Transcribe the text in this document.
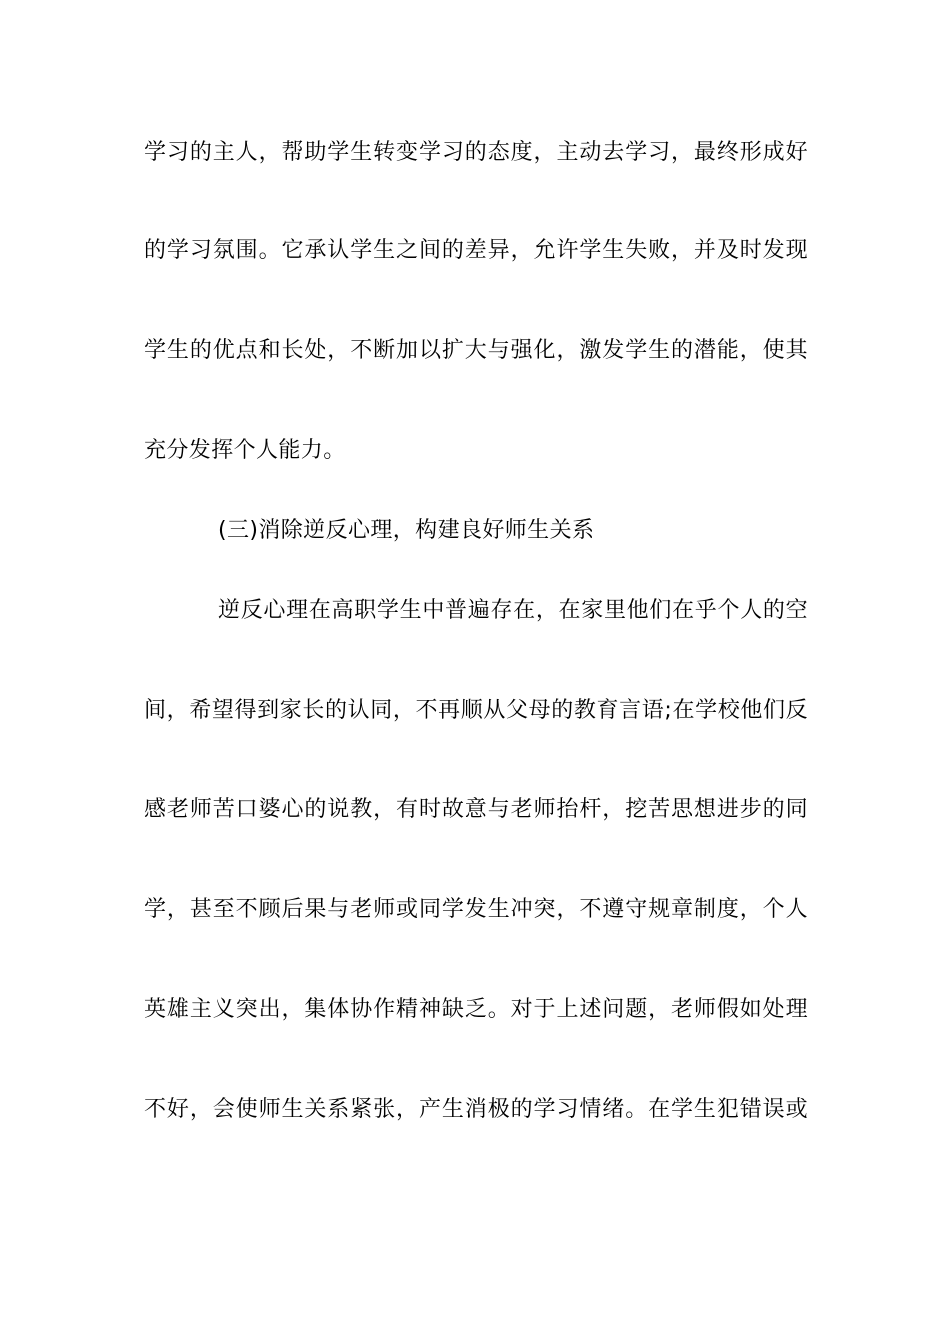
学习的主人，帮助学生转变学习的态度，主动去学习，最终形成好
的学习氛围。它承认学生之间的差异，允许学生失败，并及时发现
学生的优点和长处，不断加以扩大与强化，激发学生的潜能，使其
充分发挥个人能力。
(三)消除逆反心理，构建良好师生关系
逆反心理在高职学生中普遍存在，在家里他们在乎个人的空
间，希望得到家长的认同，不再顺从父母的教育言语;在学校他们反
感老师苦口婆心的说教，有时故意与老师抬杆，挖苦思想进步的同
学，甚至不顾后果与老师或同学发生冲突，不遵守规章制度，个人
英雄主义突出，集体协作精神缺乏。对于上述问题，老师假如处理
不好，会使师生关系紧张，产生消极的学习情绪。在学生犯错误或
